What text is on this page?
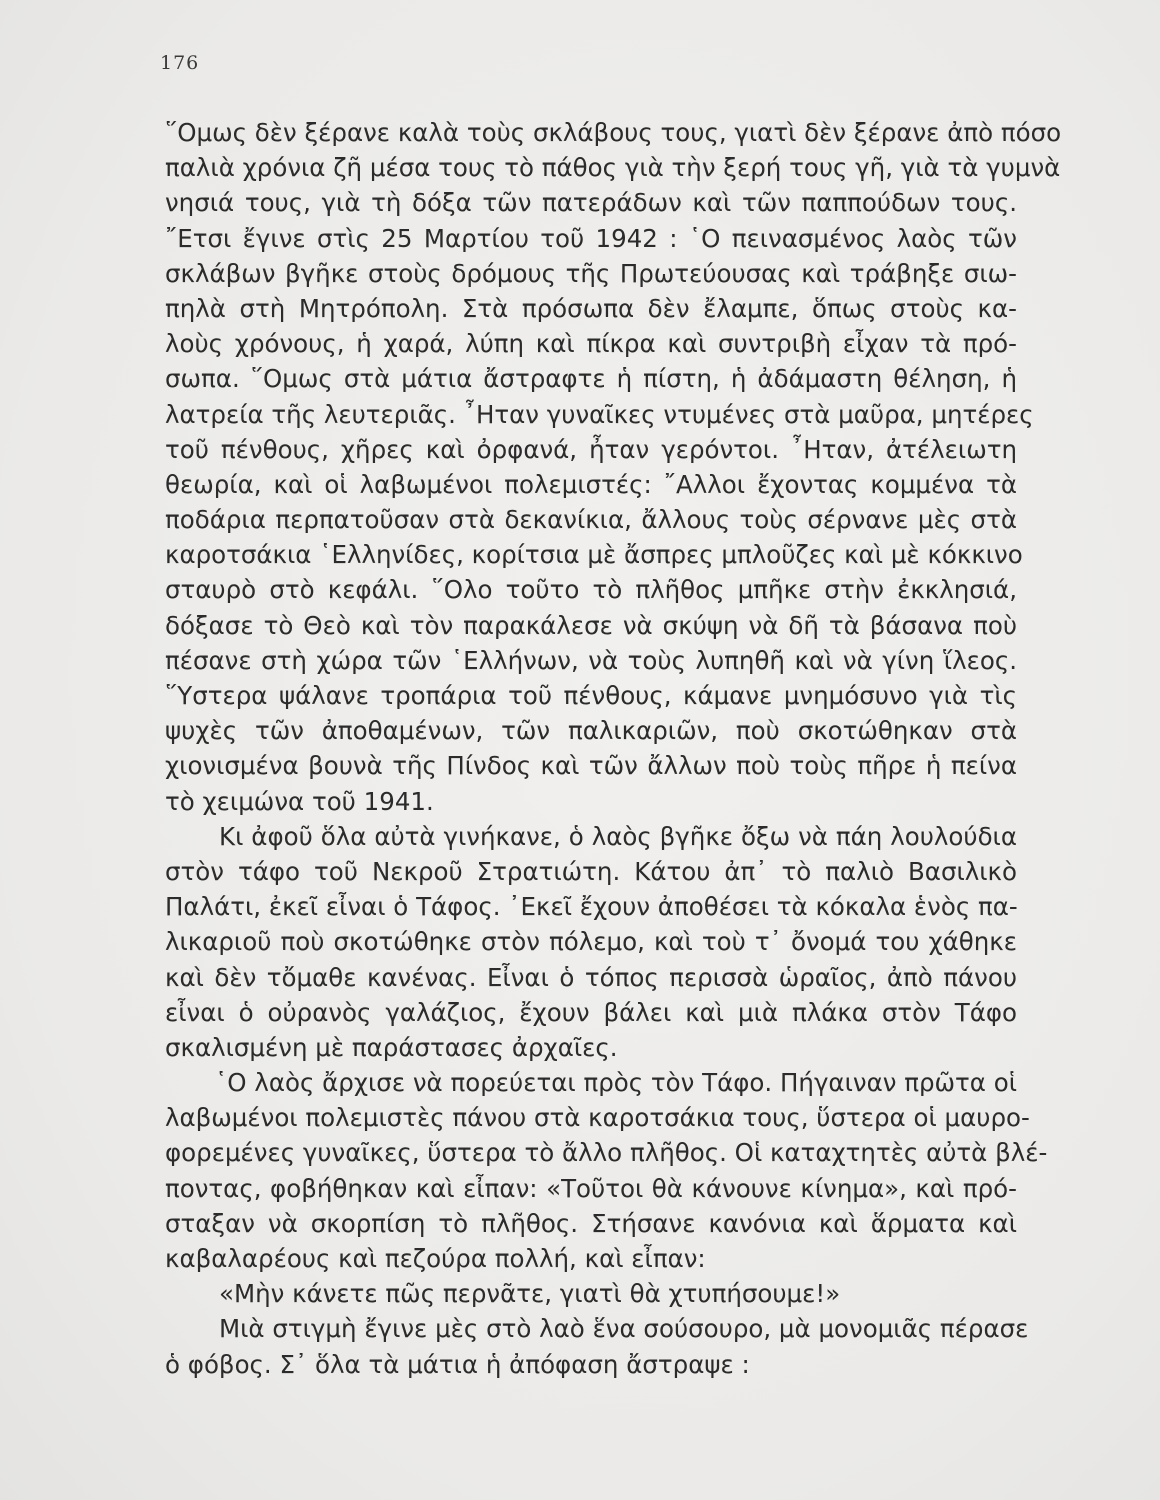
176

῞Ομως δὲν ξέρανε καλὰ τοὺς σκλάβους τους, γιατὶ δὲν ξέρανε ἀπὸ πόσο
παλιὰ χρόνια ζῆ μέσα τους τὸ πάθος γιὰ τὴν ξερή τους γῆ, γιὰ τὰ γυμνὰ
νησιά τους, γιὰ τὴ δόξα τῶν πατεράδων καὶ τῶν παππούδων τους.
῎Ετσι ἔγινε στὶς 25 Μαρτίου τοῦ 1942 : ῾Ο πεινασμένος λαὸς τῶν
σκλάβων βγῆκε στοὺς δρόμους τῆς Πρωτεύουσας καὶ τράβηξε σιω-
πηλὰ στὴ Μητρόπολη. Στὰ πρόσωπα δὲν ἔλαμπε, ὅπως στοὺς κα-
λοὺς χρόνους, ἡ χαρά, λύπη καὶ πίκρα καὶ συντριβὴ εἶχαν τὰ πρό-
σωπα. ῞Ομως στὰ μάτια ἄστραφτε ἡ πίστη, ἡ ἀδάμαστη θέληση, ἡ
λατρεία τῆς λευτεριᾶς. ῏Ηταν γυναῖκες ντυμένες στὰ μαῦρα, μητέρες
τοῦ πένθους, χῆρες καὶ ὀρφανά, ἦταν γερόντοι. ῏Ηταν, ἀτέλειωτη
θεωρία, καὶ οἱ λαβωμένοι πολεμιστές: ῎Αλλοι ἔχοντας κομμένα τὰ
ποδάρια περπατοῦσαν στὰ δεκανίκια, ἄλλους τοὺς σέρνανε μὲς στὰ
καροτσάκια ῾Ελληνίδες, κορίτσια μὲ ἄσπρες μπλοῦζες καὶ μὲ κόκκινο
σταυρὸ στὸ κεφάλι. ῞Ολο τοῦτο τὸ πλῆθος μπῆκε στὴν ἐκκλησιά,
δόξασε τὸ Θεὸ καὶ τὸν παρακάλεσε νὰ σκύψη νὰ δῆ τὰ βάσανα ποὺ
πέσανε στὴ χώρα τῶν ῾Ελλήνων, νὰ τοὺς λυπηθῆ καὶ νὰ γίνη ἵλεος.
῞Υστερα ψάλανε τροπάρια τοῦ πένθους, κάμανε μνημόσυνο γιὰ τὶς
ψυχὲς τῶν ἀποθαμένων, τῶν παλικαριῶν, ποὺ σκοτώθηκαν στὰ
χιονισμένα βουνὰ τῆς Πίνδος καὶ τῶν ἄλλων ποὺ τοὺς πῆρε ἡ πείνα
τὸ χειμώνα τοῦ 1941.

Κι ἀφοῦ ὅλα αὐτὰ γινήκανε, ὁ λαὸς βγῆκε ὄξω νὰ πάη λουλούδια
στὸν τάφο τοῦ Νεκροῦ Στρατιώτη. Κάτου ἀπ᾿ τὸ παλιὸ Βασιλικὸ
Παλάτι, ἐκεῖ εἶναι ὁ Τάφος. ᾿Εκεῖ ἔχουν ἀποθέσει τὰ κόκαλα ἑνὸς πα-
λικαριοῦ ποὺ σκοτώθηκε στὸν πόλεμο, καὶ τοὺ τ᾿ ὄνομά του χάθηκε
καὶ δὲν τὄμαθε κανένας. Εἶναι ὁ τόπος περισσὰ ὡραῖος, ἀπὸ πάνου
εἶναι ὁ οὐρανὸς γαλάζιος, ἔχουν βάλει καὶ μιὰ πλάκα στὸν Τάφο
σκαλισμένη μὲ παράστασες ἀρχαῖες.

῾Ο λαὸς ἄρχισε νὰ πορεύεται πρὸς τὸν Τάφο. Πήγαιναν πρῶτα οἱ
λαβωμένοι πολεμιστὲς πάνου στὰ καροτσάκια τους, ὕστερα οἱ μαυρο-
φορεμένες γυναῖκες, ὕστερα τὸ ἄλλο πλῆθος. Οἱ καταχτητὲς αὐτὰ βλέ-
ποντας, φοβήθηκαν καὶ εἶπαν: «Τοῦτοι θὰ κάνουνε κίνημα», καὶ πρό-
σταξαν νὰ σκορπίση τὸ πλῆθος. Στήσανε κανόνια καὶ ἅρματα καὶ
καβαλαρέους καὶ πεζούρα πολλή, καὶ εἶπαν:

«Μὴν κάνετε πῶς περνᾶτε, γιατὶ θὰ χτυπήσουμε!»

Μιὰ στιγμὴ ἔγινε μὲς στὸ λαὸ ἕνα σούσουρο, μὰ μονομιᾶς πέρασε
ὁ φόβος. Σ᾿ ὅλα τὰ μάτια ἡ ἀπόφαση ἄστραψε :
